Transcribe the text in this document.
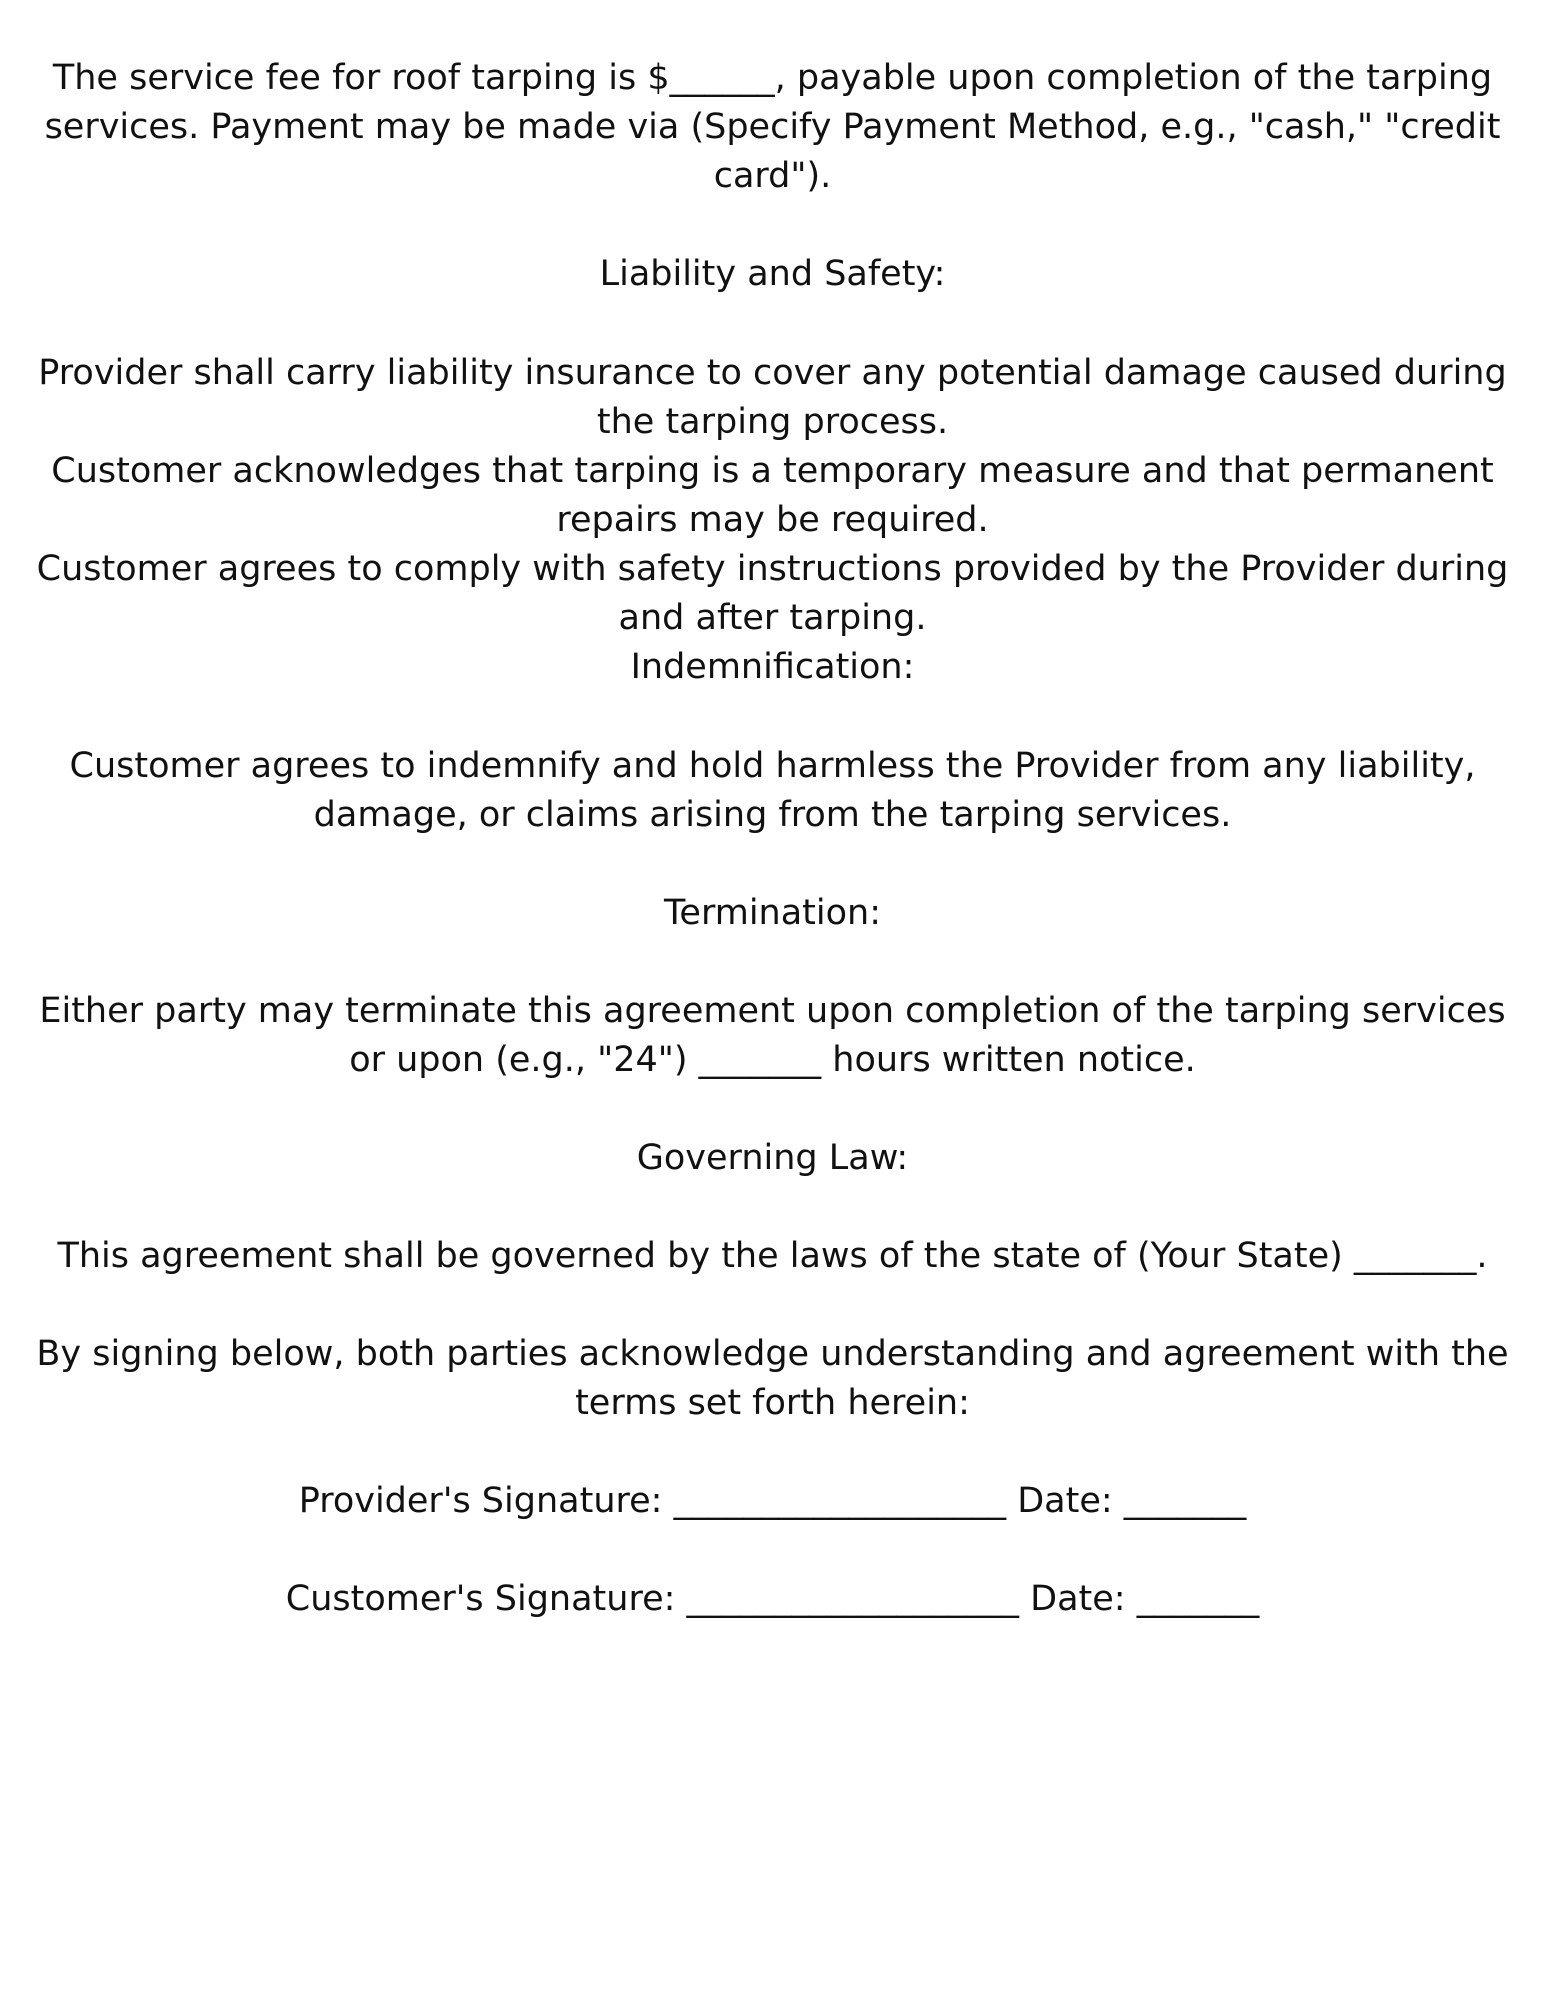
The service fee for roof tarping is $______, payable upon completion of the tarping
services. Payment may be made via (Specify Payment Method, e.g., "cash," "credit
card").
Liability and Safety:
Provider shall carry liability insurance to cover any potential damage caused during
the tarping process.
Customer acknowledges that tarping is a temporary measure and that permanent
repairs may be required.
Customer agrees to comply with safety instructions provided by the Provider during
and after tarping.
Indemnification:
Customer agrees to indemnify and hold harmless the Provider from any liability,
damage, or claims arising from the tarping services.
Termination:
Either party may terminate this agreement upon completion of the tarping services
or upon (e.g., "24") _______ hours written notice.
Governing Law:
This agreement shall be governed by the laws of the state of (Your State) _______.
By signing below, both parties acknowledge understanding and agreement with the
terms set forth herein:
Provider's Signature: ___________________ Date: _______
Customer's Signature: ___________________ Date: _______
